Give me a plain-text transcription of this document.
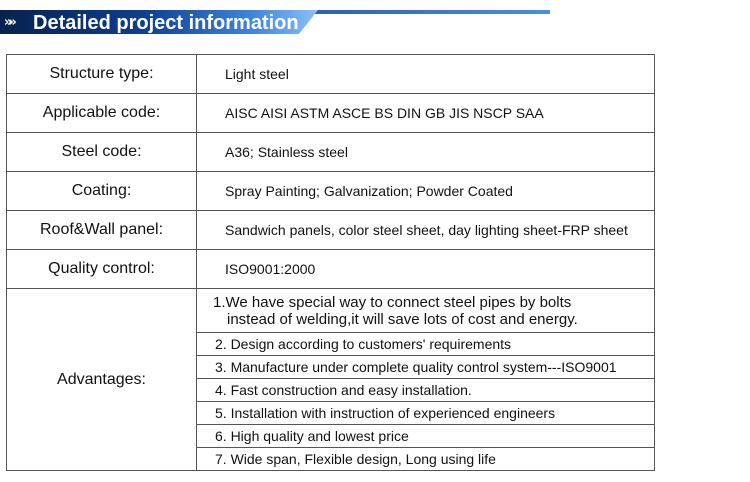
»» Detailed project information
Structure type:	Light steel
Applicable code:	AISC AISI ASTM ASCE BS DIN GB JIS NSCP SAA
Steel code:	A36; Stainless steel
Coating:	Spray Painting; Galvanization; Powder Coated
Roof&Wall panel:	Sandwich panels, color steel sheet, day lighting sheet-FRP sheet
Quality control:	ISO9001:2000
Advantages:	1.We have special way to connect steel pipes by bolts
instead of welding,it will save lots of cost and energy.

	2. Design according to customers' requirements
	3. Manufacture under complete quality control system---ISO9001
	4. Fast construction and easy installation.
	5. Installation with instruction of experienced engineers
	6. High quality and lowest price
	7. Wide span, Flexible design, Long using life
